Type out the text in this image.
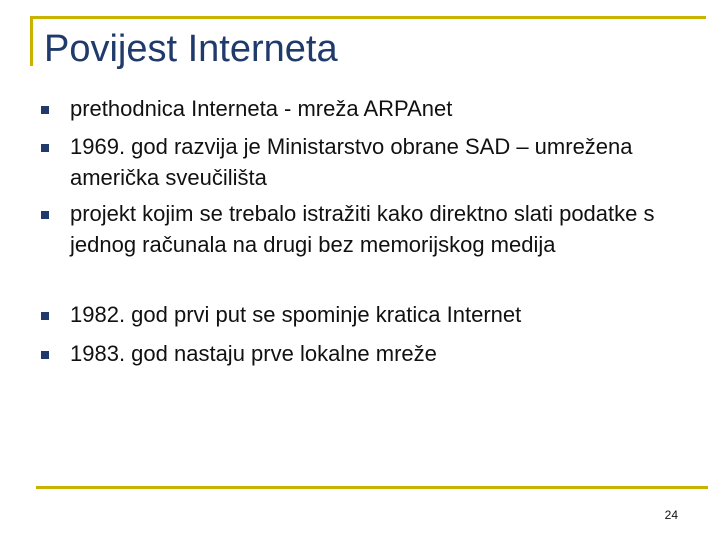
Povijest Interneta
prethodnica Interneta - mreža ARPAnet
1969. god razvija je Ministarstvo obrane SAD – umrežena američka sveučilišta
projekt kojim se trebalo istražiti kako direktno slati podatke s jednog računala na drugi bez memorijskog medija
1982. god prvi put se spominje kratica Internet
1983. god nastaju prve lokalne mreže
24
